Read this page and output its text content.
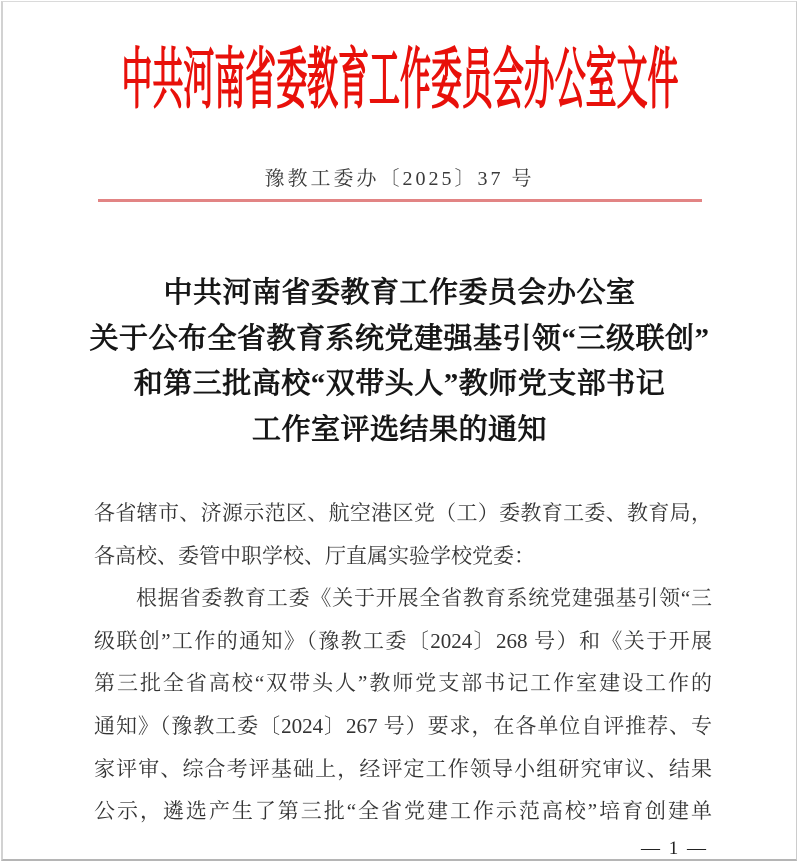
中共河南省委教育工作委员会办公室文件
豫教工委办〔2025〕37 号
中共河南省委教育工作委员会办公室
关于公布全省教育系统党建强基引领“三级联创”
和第三批高校“双带头人”教师党支部书记
工作室评选结果的通知
各省辖市、济源示范区、航空港区党（工）委教育工委、教育局，
各高校、委管中职学校、厅直属实验学校党委：
根据省委教育工委《关于开展全省教育系统党建强基引领“三
级联创”工作的通知》（豫教工委〔2024〕268 号）和《关于开展
第三批全省高校“双带头人”教师党支部书记工作室建设工作的
通知》（豫教工委〔2024〕267 号）要求，在各单位自评推荐、专
家评审、综合考评基础上，经评定工作领导小组研究审议、结果
公示，遴选产生了第三批“全省党建工作示范高校”培育创建单
— 1 —
